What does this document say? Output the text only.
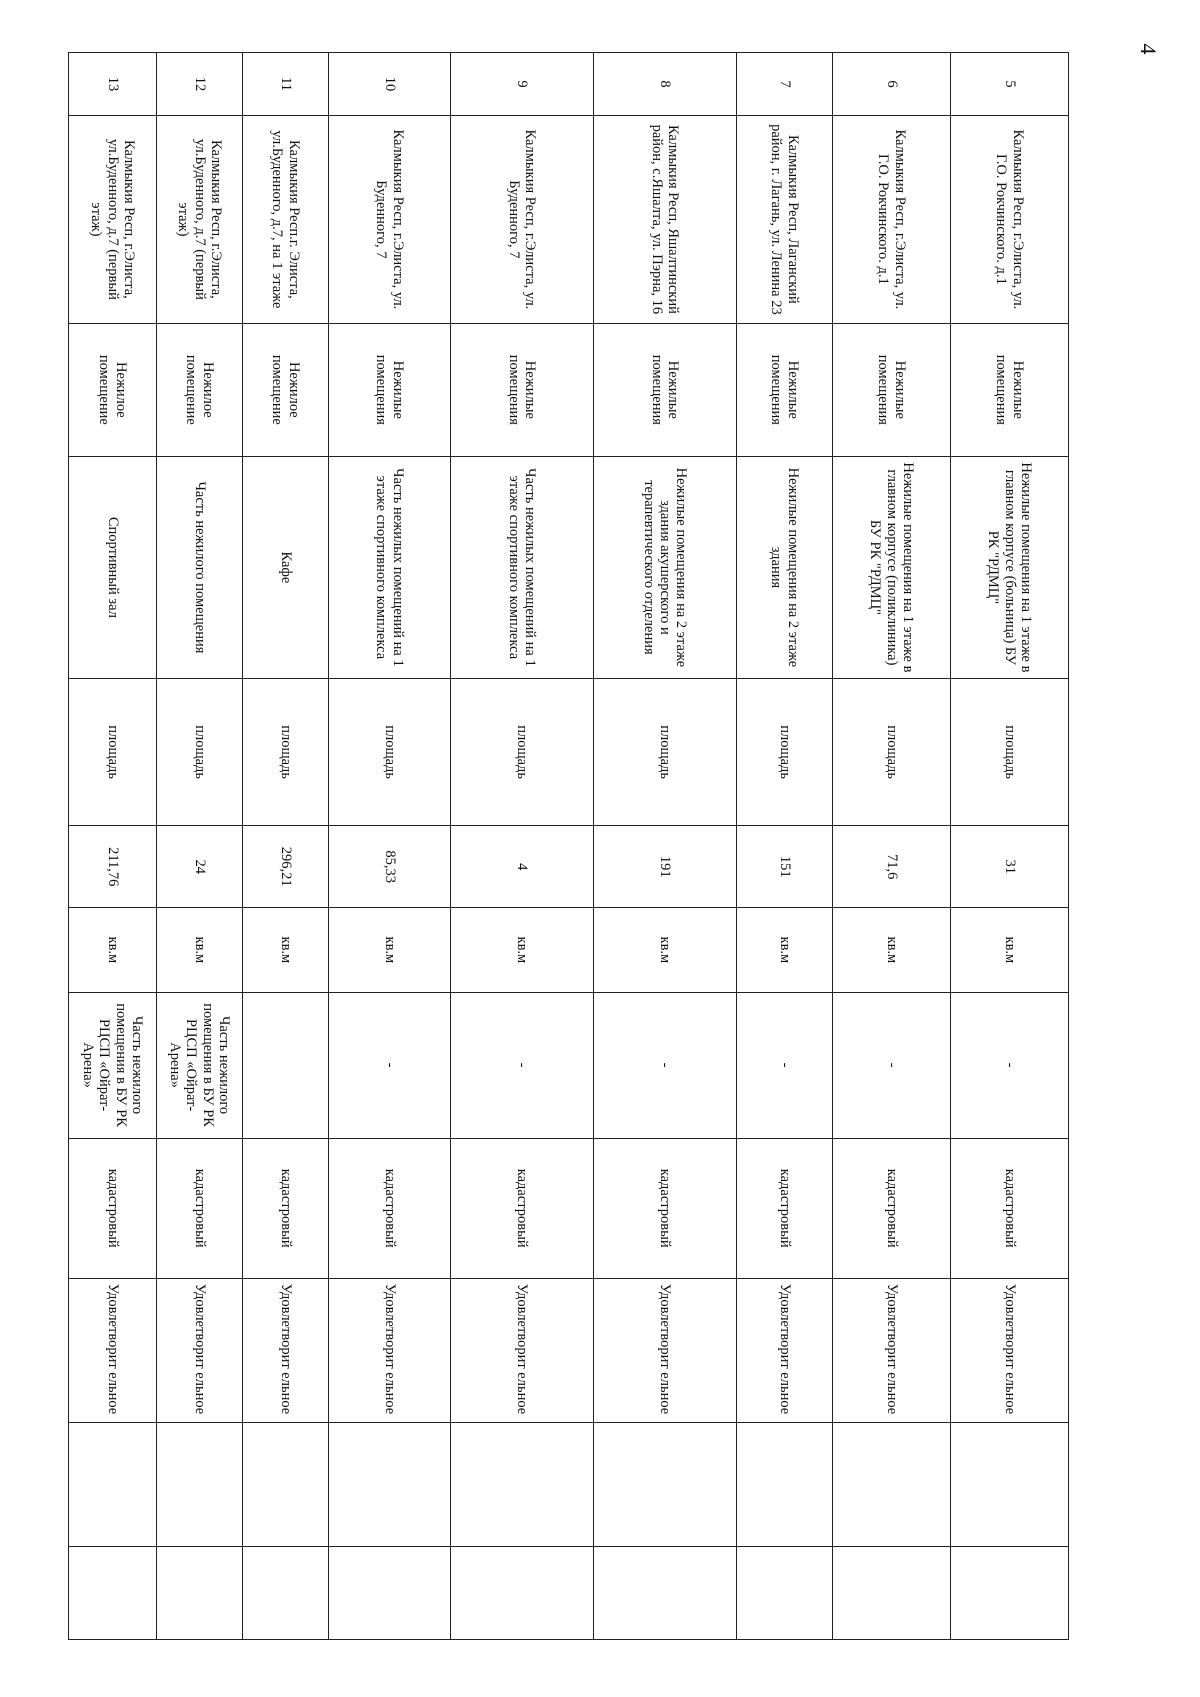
4
5	Калмыкия Респ, г.Элиста, ул. Г.О. Рокчинского. д.1	Нежилые помещения	Нежилые помещения на 1 этаже в главном корпусе (больница) БУ РК "РДМЦ"	площадь	31	кв.м	-	кадастровый	Удовлетворит ельное		
6	Калмыкия Респ, г.Элиста, ул. Г.О. Рокчинского. д.1	Нежилые помещения	Нежилые помещения на 1 этаже в главном корпусе (поликлиника) БУ РК "РДМЦ"	площадь	71,6	кв.м	-	кадастровый	Удовлетворит ельное		
7	Калмыкия Респ, Лаганский район, г. Лагань, ул. Ленина 23	Нежилые помещения	Нежилые помещения на 2 этаже здания	площадь	151	кв.м	-	кадастровый	Удовлетворит ельное		
8	Калмыкия Респ, Яшалтинский район, с.Яшалта, ул. Пэрна, 16	Нежилые помещения	Нежилые помещения на 2 этаже здания акушерского и терапевтического отделения	площадь	191	кв.м	-	кадастровый	Удовлетворит ельное		
9	Калмыкия Респ, г.Элиста, ул. Буденного, 7	Нежилые помещения	Часть нежилых помещений на 1 этаже спортивного комплекса	площадь	4	кв.м	-	кадастровый	Удовлетворит ельное		
10	Калмыкия Респ, г.Элиста, ул. Буденного, 7	Нежилые помещения	Часть нежилых помещений на 1 этаже спортивного комплекса	площадь	85,33	кв.м	-	кадастровый	Удовлетворит ельное		
11	Калмыкия Респ.г. Элиста, ул.Буденного, д.7, на 1 этаже	Нежилое помещение	Кафе	площадь	296,21	кв.м		кадастровый	Удовлетворит ельное		
12	Калмыкия Респ, г.Элиста, ул.Буденного, д.7 (первый этаж)	Нежилое помещение	Часть нежилого помещения	площадь	24	кв.м	Часть нежилого помещения в БУ РК РЦСП «Ойрат-Арена»	кадастровый	Удовлетворит ельное		
13	Калмыкия Респ, г.Элиста, ул.Буденного, д.7 (первый этаж)	Нежилое помещение	Спортивный зал	площадь	211,76	кв.м	Часть нежилого помещения в БУ РК РЦСП «Ойрат-Арена»	кадастровый	Удовлетворит ельное		
